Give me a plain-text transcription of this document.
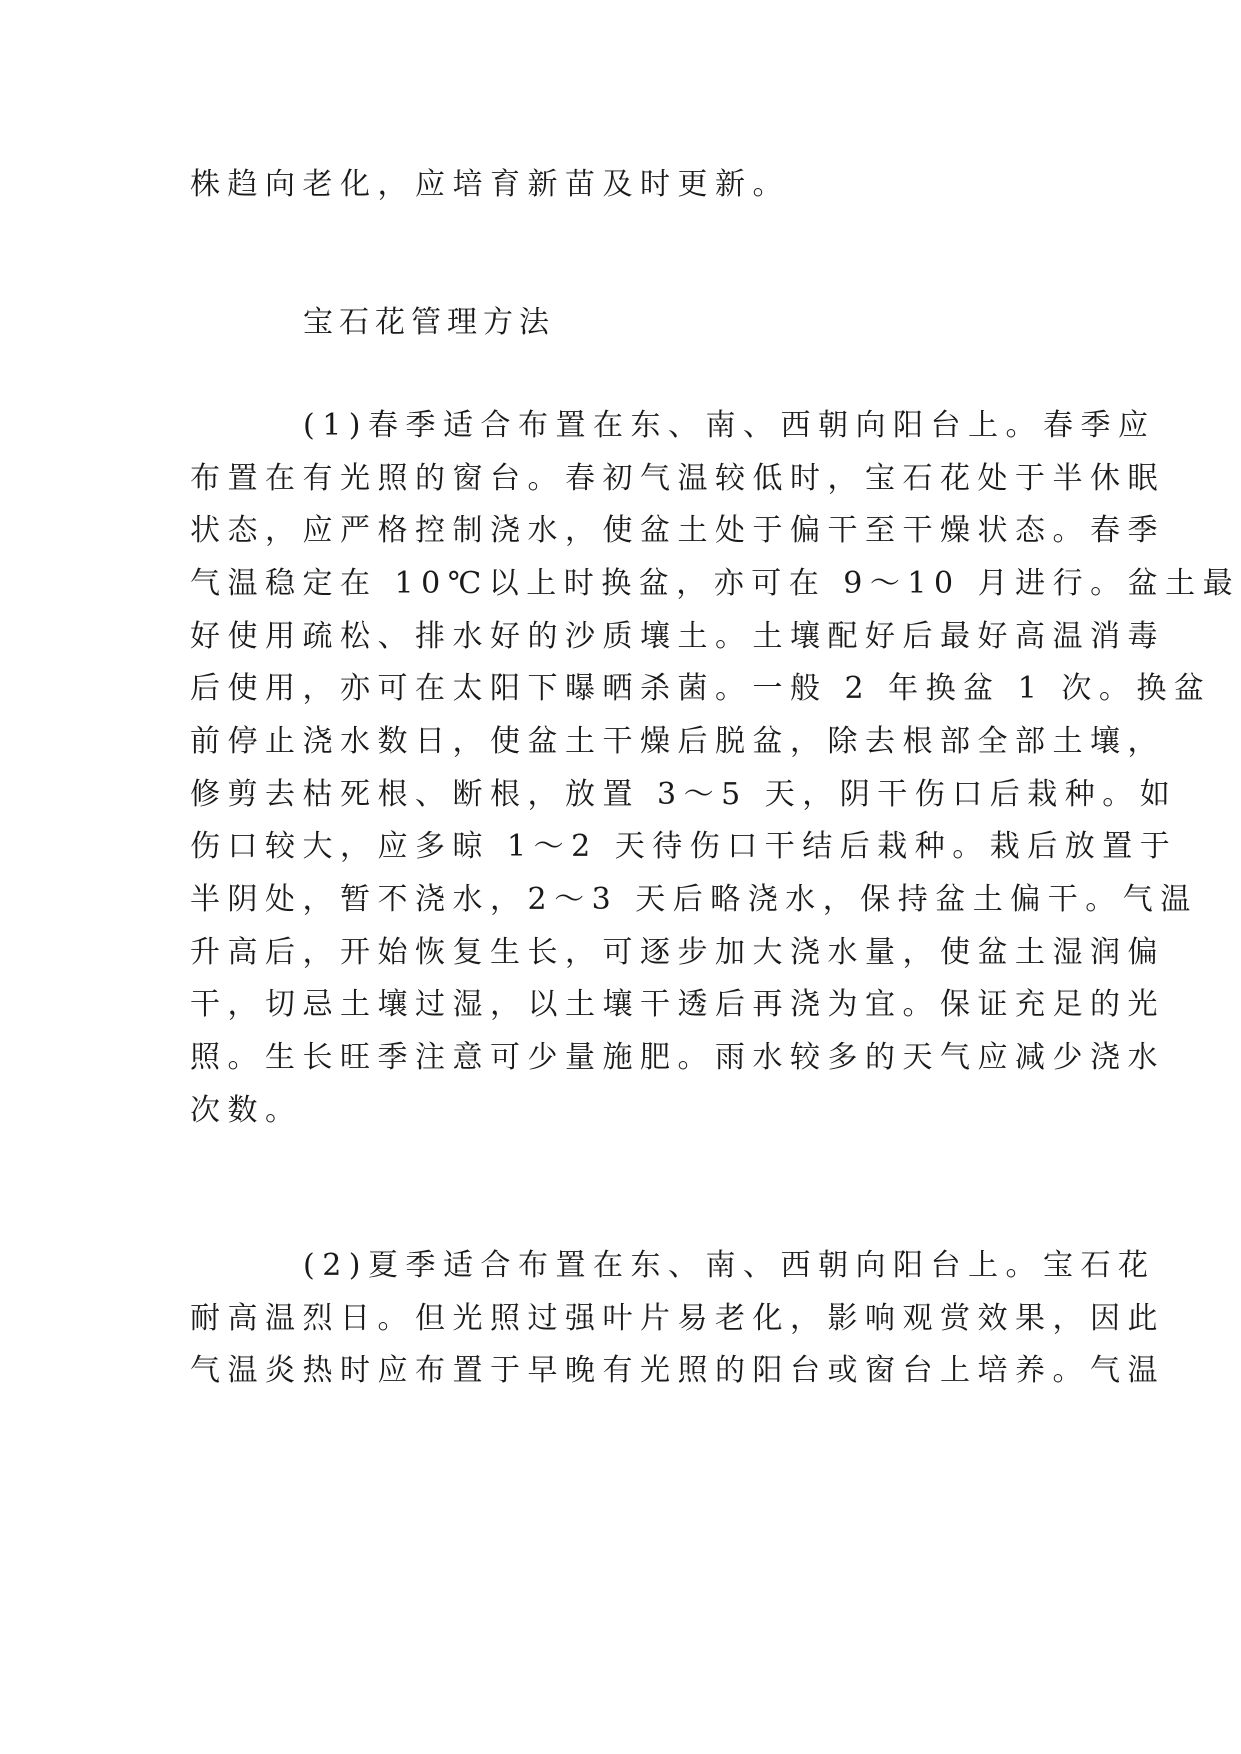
株趋向老化，应培育新苗及时更新。
宝石花管理方法
(1)春季适合布置在东、南、西朝向阳台上。春季应
布置在有光照的窗台。春初气温较低时，宝石花处于半休眠
状态，应严格控制浇水，使盆土处于偏干至干燥状态。春季
气温稳定在 10℃以上时换盆，亦可在 9～10 月进行。盆土最
好使用疏松、排水好的沙质壤土。土壤配好后最好高温消毒
后使用，亦可在太阳下曝晒杀菌。一般 2 年换盆 1 次。换盆
前停止浇水数日，使盆土干燥后脱盆，除去根部全部土壤，
修剪去枯死根、断根，放置 3～5 天，阴干伤口后栽种。如
伤口较大，应多晾 1～2 天待伤口干结后栽种。栽后放置于
半阴处，暂不浇水，2～3 天后略浇水，保持盆土偏干。气温
升高后，开始恢复生长，可逐步加大浇水量，使盆土湿润偏
干，切忌土壤过湿，以土壤干透后再浇为宜。保证充足的光
照。生长旺季注意可少量施肥。雨水较多的天气应减少浇水
次数。
(2)夏季适合布置在东、南、西朝向阳台上。宝石花
耐高温烈日。但光照过强叶片易老化，影响观赏效果，因此
气温炎热时应布置于早晚有光照的阳台或窗台上培养。气温
